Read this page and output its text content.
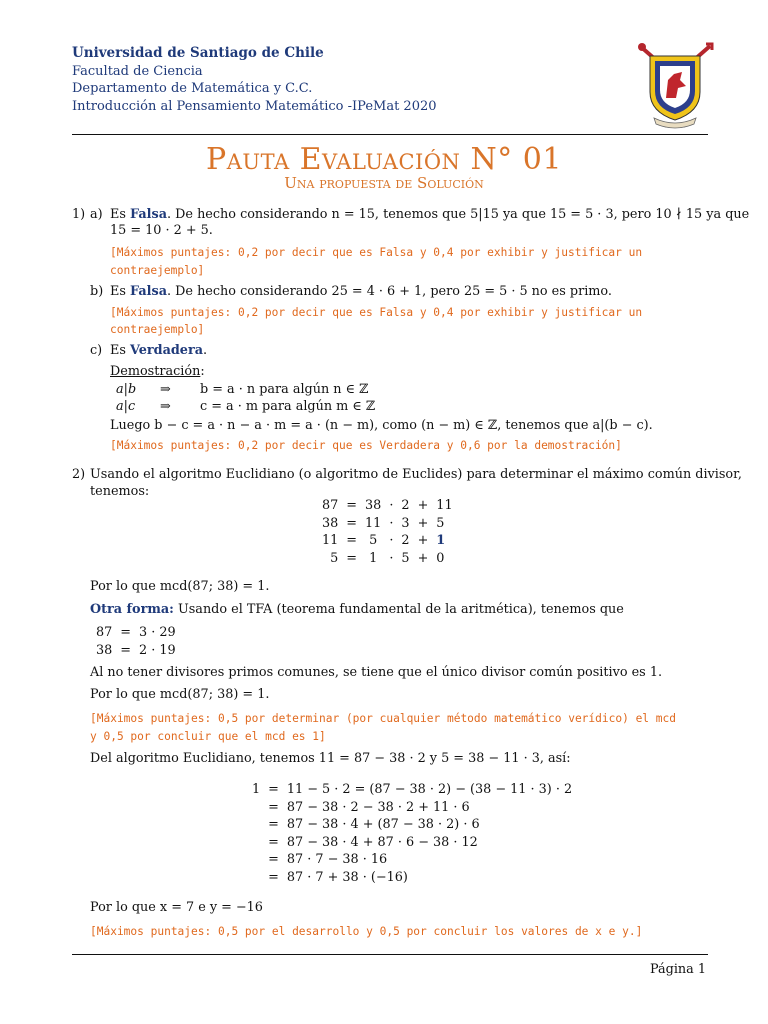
Universidad de Santiago de Chile
Facultad de Ciencia
Departamento de Matemática y C.C.
Introducción al Pensamiento Matemático -IPeMat 2020
Pauta Evaluación N° 01
Una propuesta de Solución
1) a) Es Falsa. De hecho considerando n = 15, tenemos que 5|15 ya que 15 = 5 · 3, pero 10 ∤ 15 ya que
15 = 10 · 2 + 5.
[Máximos puntajes: 0,2 por decir que es Falsa y 0,4 por exhibir y justificar un
contraejemplo]
b) Es Falsa. De hecho considerando 25 = 4 · 6 + 1, pero 25 = 5 · 5 no es primo.
[Máximos puntajes: 0,2 por decir que es Falsa y 0,4 por exhibir y justificar un
contraejemplo]
c) Es Verdadera.
Demostración:
a|b ⇒ b = a · n para algún n ∈ ℤ
a|c ⇒ c = a · m para algún m ∈ ℤ
Luego b − c = a · n − a · m = a · (n − m), como (n − m) ∈ ℤ, tenemos que a|(b − c).
[Máximos puntajes: 0,2 por decir que es Verdadera y 0,6 por la demostración]
2) Usando el algoritmo Euclidiano (o algoritmo de Euclides) para determinar el máximo común divisor,
tenemos:
87	=	38	·	2	+	11
38	=	11	·	3	+	5
11	=	5	·	2	+	1
5	=	1	·	5	+	0
Por lo que mcd(87; 38) = 1.
Otra forma: Usando el TFA (teorema fundamental de la aritmética), tenemos que
87	=	3 · 29
38	=	2 · 19
Al no tener divisores primos comunes, se tiene que el único divisor común positivo es 1.
Por lo que mcd(87; 38) = 1.
[Máximos puntajes: 0,5 por determinar (por cualquier método matemático verídico) el mcd
y 0,5 por concluir que el mcd es 1]
Del algoritmo Euclidiano, tenemos 11 = 87 − 38 · 2 y 5 = 38 − 11 · 3, así:
1	=	11 − 5 · 2 = (87 − 38 · 2) − (38 − 11 · 3) · 2
	=	87 − 38 · 2 − 38 · 2 + 11 · 6
	=	87 − 38 · 4 + (87 − 38 · 2) · 6
	=	87 − 38 · 4 + 87 · 6 − 38 · 12
	=	87 · 7 − 38 · 16
	=	87 · 7 + 38 · (−16)
Por lo que x = 7 e y = −16
[Máximos puntajes: 0,5 por el desarrollo y 0,5 por concluir los valores de x e y.]
Página 1
